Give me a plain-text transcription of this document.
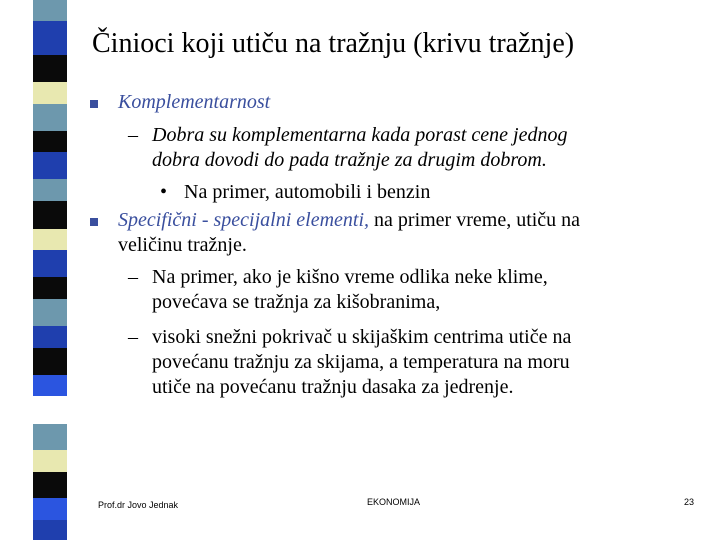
Činioci koji utiču na tražnju (krivu tražnje)
Komplementarnost
– Dobra su komplementarna kada porast cene jednog
dobra dovodi do pada tražnje za drugim dobrom.
• Na primer, automobili i benzin
Specifični - specijalni elementi, na primer vreme, utiču na
veličinu tražnje.
– Na primer, ako je kišno vreme odlika neke klime,
povećava se tražnja za kišobranima,
– visoki snežni pokrivač u skijaškim centrima utiče na
povećanu tražnju za skijama, a temperatura na moru
utiče na povećanu tražnju dasaka za jedrenje.
Prof.dr Jovo Jednak	EKONOMIJA	23
